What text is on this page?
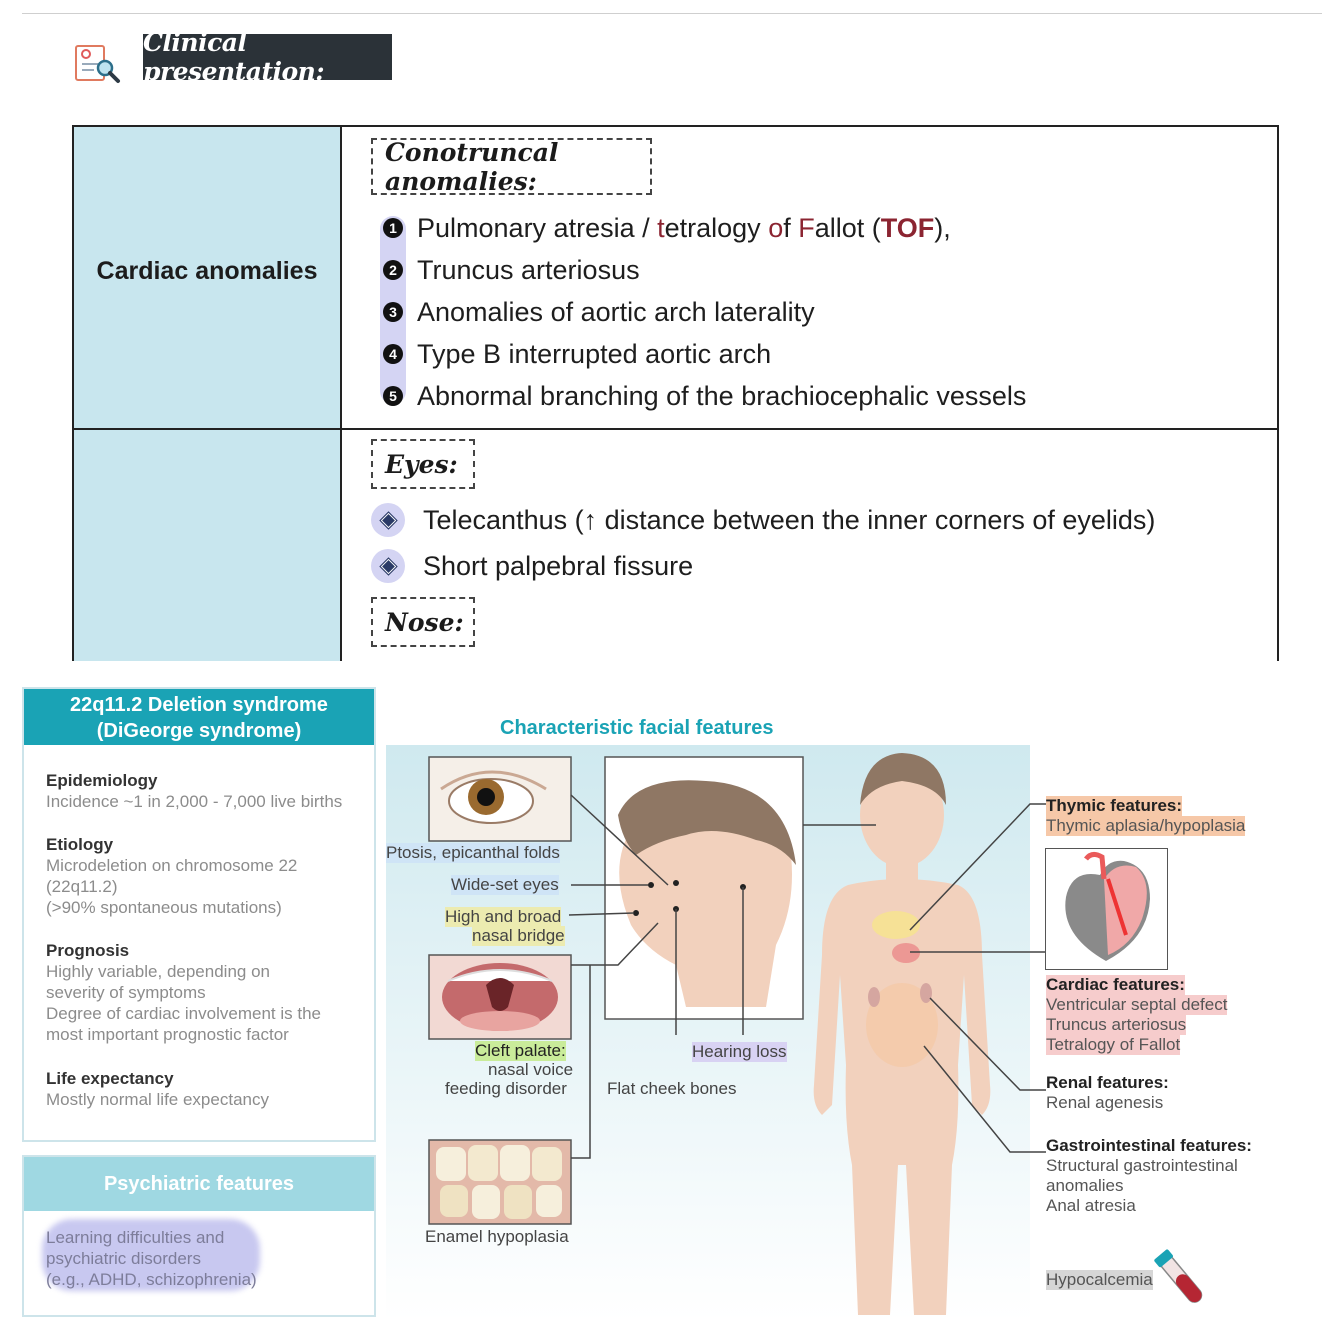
Clinical presentation:
Cardiac anomalies
Conotruncal anomalies:
1 Pulmonary atresia / tetralogy of Fallot (TOF),
2 Truncus arteriosus
3 Anomalies of aortic arch laterality
4 Type B interrupted aortic arch
5 Abnormal branching of the brachiocephalic vessels
Eyes:
Telecanthus (↑ distance between the inner corners of eyelids)
Short palpebral fissure
Nose:
22q11.2 Deletion syndrome
(DiGeorge syndrome)
Epidemiology
Incidence ~1 in 2,000 - 7,000 live births
Etiology
Microdeletion on chromosome 22
(22q11.2)
(>90% spontaneous mutations)
Prognosis
Highly variable, depending on
severity of symptoms
Degree of cardiac involvement is the
most important prognostic factor
Life expectancy
Mostly normal life expectancy
Psychiatric features
Learning difficulties and
psychiatric disorders
(e.g., ADHD, schizophrenia)
Characteristic facial features
Ptosis, epicanthal folds
Wide-set eyes
High and broad
nasal bridge
Cleft palate:
nasal voice
feeding disorder Flat cheek bones
Hearing loss
Enamel hypoplasia
Thymic features:
Thymic aplasia/hypoplasia
Cardiac features:
Ventricular septal defect
Truncus arteriosus
Tetralogy of Fallot
Renal features:
Renal agenesis
Gastrointestinal features:
Structural gastrointestinal
anomalies
Anal atresia
Hypocalcemia
